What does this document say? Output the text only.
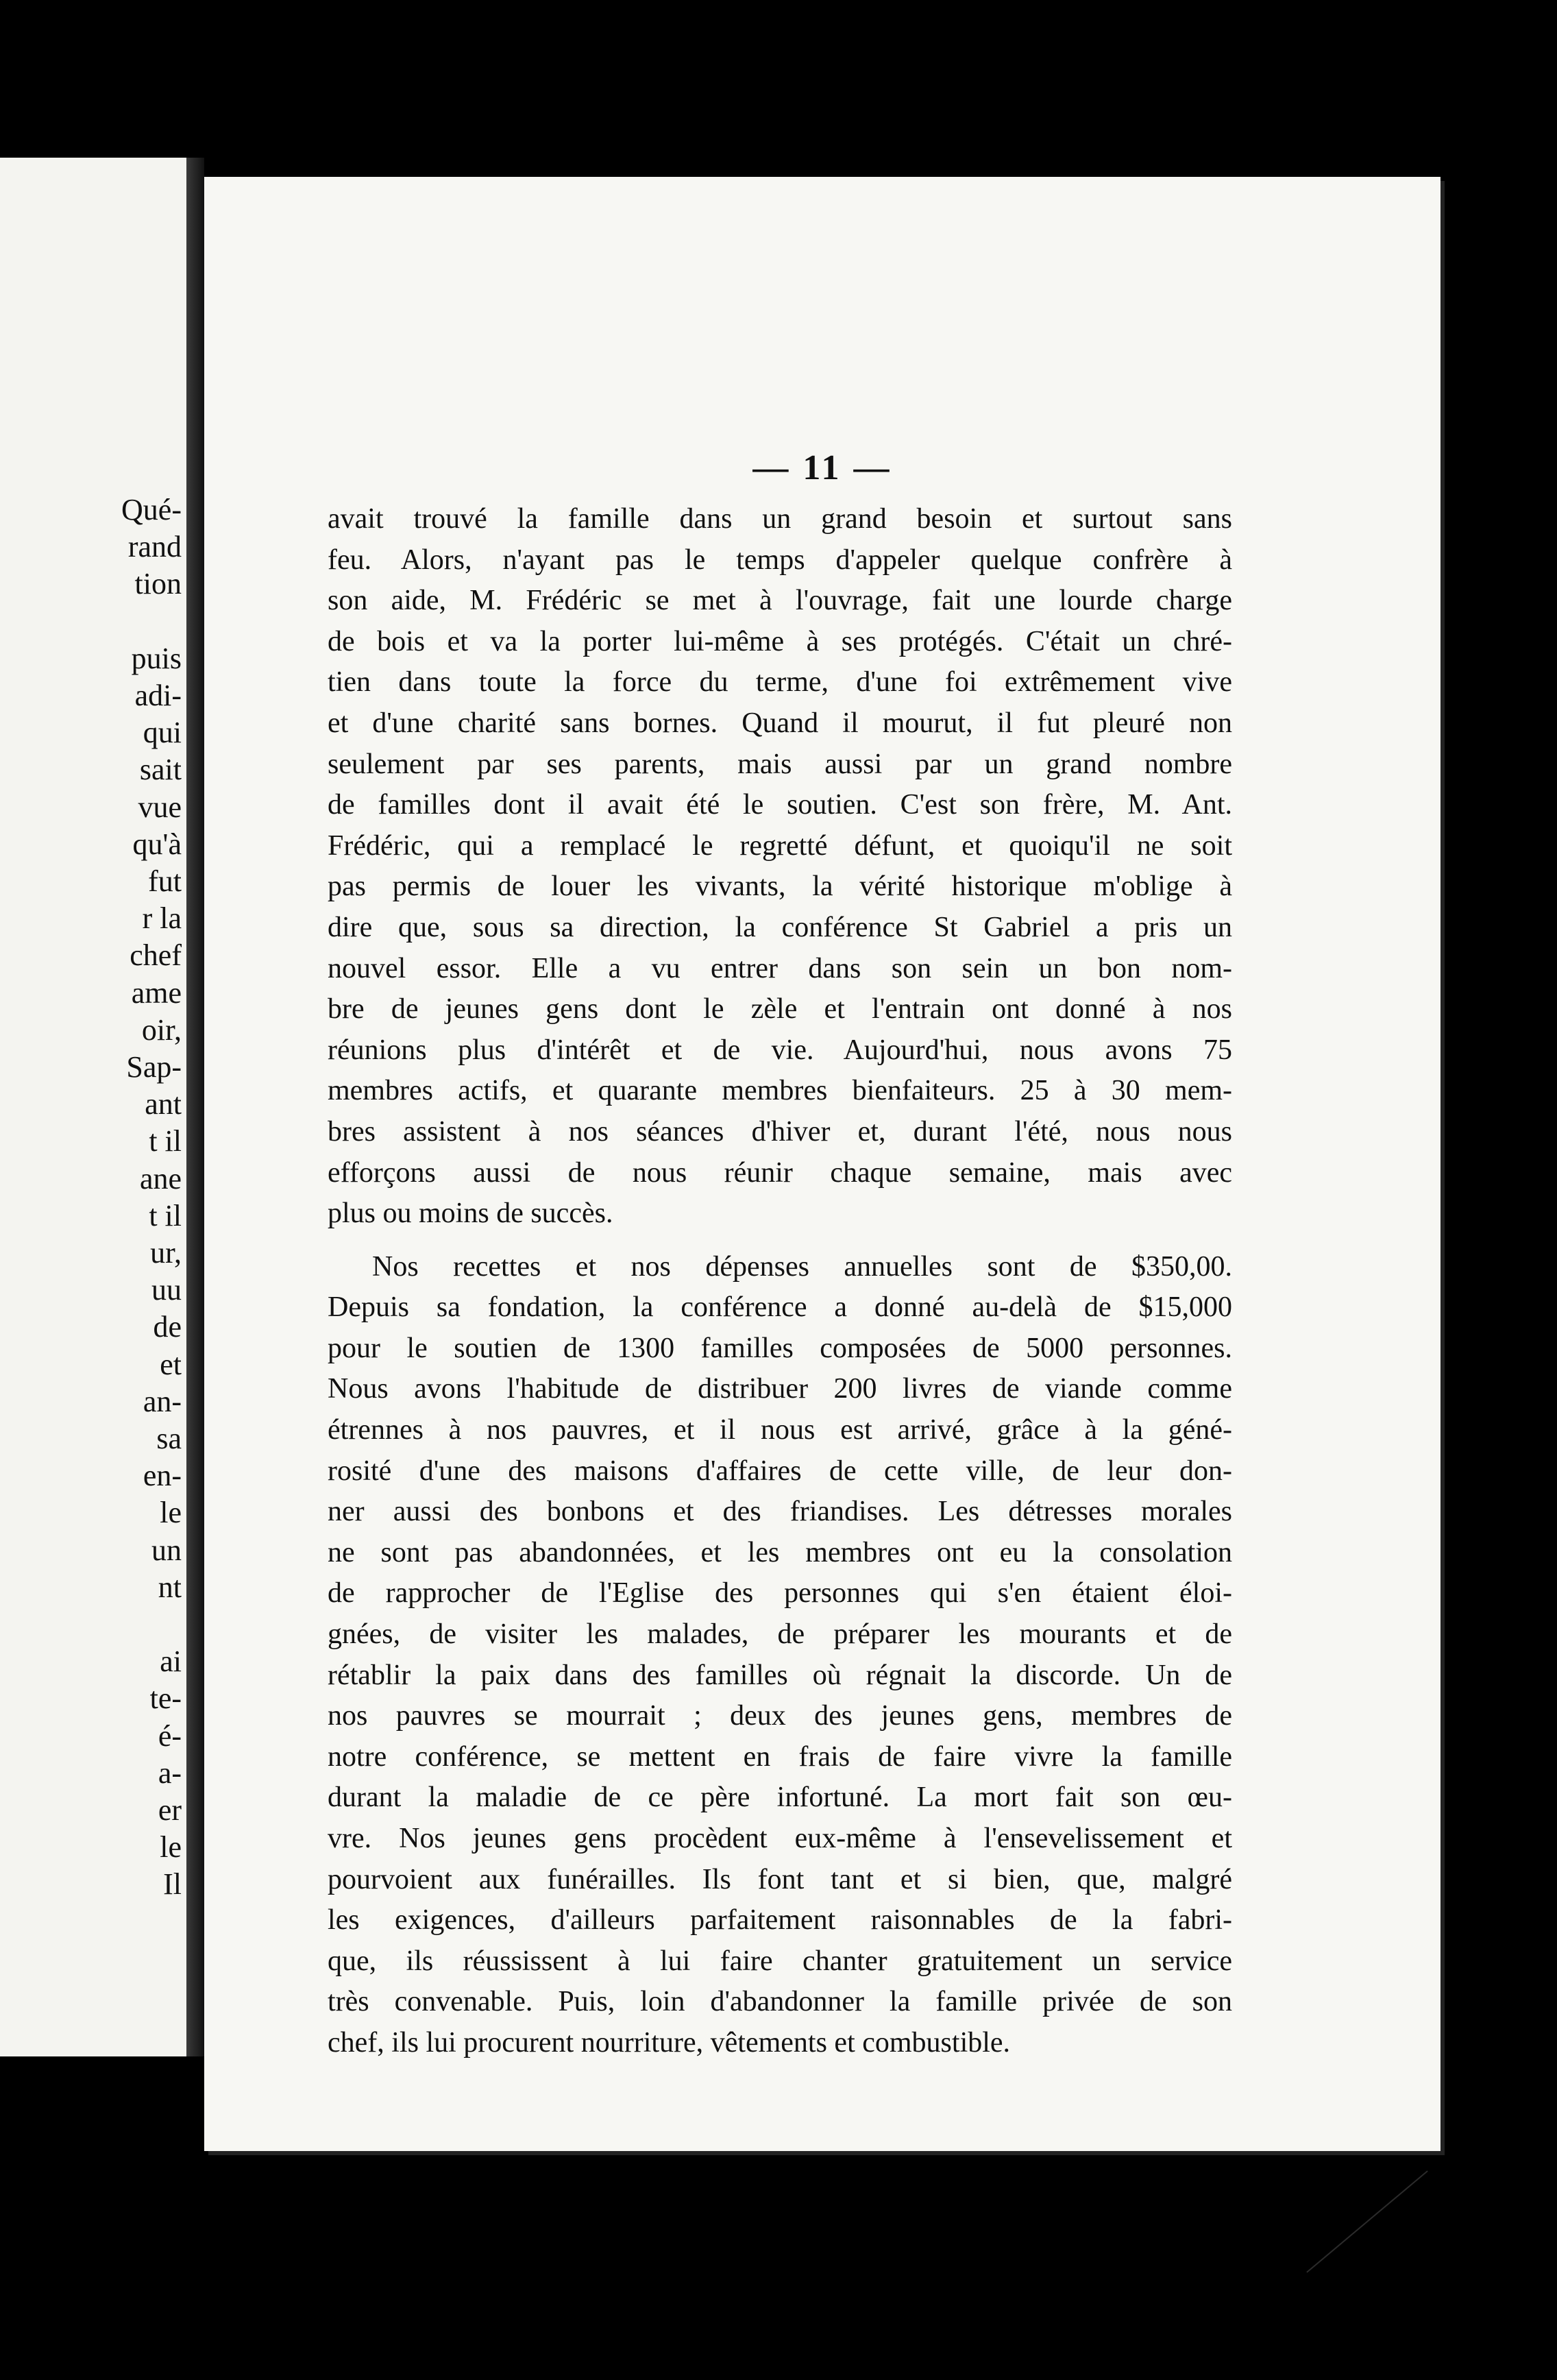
Qué-
rand
tion
puis
adi-
qui
sait
vue
qu'à
fut
r la
chef
ame
oir,
Sap-
ant
t il
ane
t il
ur,
uu
de
et
an-
sa
en-
le
un
nt
ai
te-
é-
a-
er
le
Il
— 11 —
avait trouvé la famille dans un grand besoin et surtout sans
feu. Alors, n'ayant pas le temps d'appeler quelque confrère à
son aide, M. Frédéric se met à l'ouvrage, fait une lourde charge
de bois et va la porter lui-même à ses protégés. C'était un chré-
tien dans toute la force du terme, d'une foi extrêmement vive
et d'une charité sans bornes. Quand il mourut, il fut pleuré non
seulement par ses parents, mais aussi par un grand nombre
de familles dont il avait été le soutien. C'est son frère, M. Ant.
Frédéric, qui a remplacé le regretté défunt, et quoiqu'il ne soit
pas permis de louer les vivants, la vérité historique m'oblige à
dire que, sous sa direction, la conférence St Gabriel a pris un
nouvel essor. Elle a vu entrer dans son sein un bon nom-
bre de jeunes gens dont le zèle et l'entrain ont donné à nos
réunions plus d'intérêt et de vie. Aujourd'hui, nous avons 75
membres actifs, et quarante membres bienfaiteurs. 25 à 30 mem-
bres assistent à nos séances d'hiver et, durant l'été, nous nous
efforçons aussi de nous réunir chaque semaine, mais avec
plus ou moins de succès.
Nos recettes et nos dépenses annuelles sont de $350,00.
Depuis sa fondation, la conférence a donné au-delà de $15,000
pour le soutien de 1300 familles composées de 5000 personnes.
Nous avons l'habitude de distribuer 200 livres de viande comme
étrennes à nos pauvres, et il nous est arrivé, grâce à la géné-
rosité d'une des maisons d'affaires de cette ville, de leur don-
ner aussi des bonbons et des friandises. Les détresses morales
ne sont pas abandonnées, et les membres ont eu la consolation
de rapprocher de l'Eglise des personnes qui s'en étaient éloi-
gnées, de visiter les malades, de préparer les mourants et de
rétablir la paix dans des familles où régnait la discorde. Un de
nos pauvres se mourrait ; deux des jeunes gens, membres de
notre conférence, se mettent en frais de faire vivre la famille
durant la maladie de ce père infortuné. La mort fait son œu-
vre. Nos jeunes gens procèdent eux-même à l'ensevelissement et
pourvoient aux funérailles. Ils font tant et si bien, que, malgré
les exigences, d'ailleurs parfaitement raisonnables de la fabri-
que, ils réussissent à lui faire chanter gratuitement un service
très convenable. Puis, loin d'abandonner la famille privée de son
chef, ils lui procurent nourriture, vêtements et combustible.
